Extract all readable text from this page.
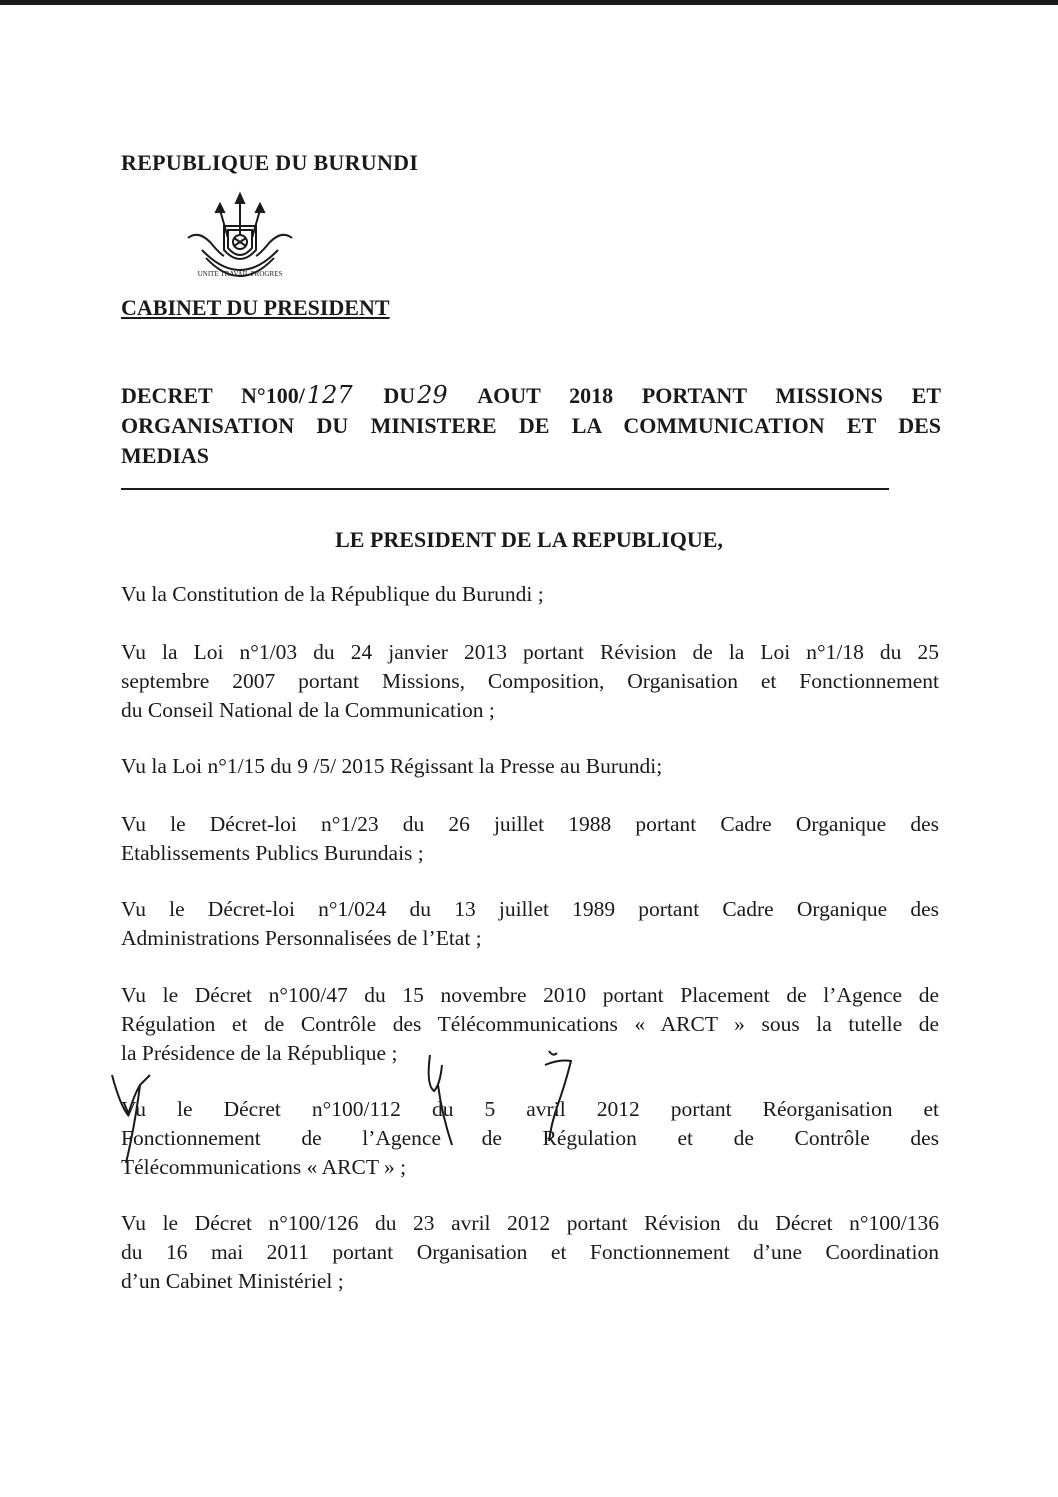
REPUBLIQUE DU BURUNDI
UNITE TRAVAIL PROGRES
CABINET DU PRESIDENT
DECRET N°100/127 DU29 AOUT 2018 PORTANT MISSIONS ET
ORGANISATION DU MINISTERE DE LA COMMUNICATION ET DES
MEDIAS
LE PRESIDENT DE LA REPUBLIQUE,
Vu la Constitution de la République du Burundi ;
Vu la Loi n°1/03 du 24 janvier 2013 portant Révision de la Loi n°1/18 du 25
septembre 2007 portant Missions, Composition, Organisation et Fonctionnement
du Conseil National de la Communication ;
Vu la Loi n°1/15 du 9 /5/ 2015 Régissant la Presse au Burundi;
Vu le Décret-loi n°1/23 du 26 juillet 1988 portant Cadre Organique des
Etablissements Publics Burundais ;
Vu le Décret-loi n°1/024 du 13 juillet 1989 portant Cadre Organique des
Administrations Personnalisées de l’Etat ;
Vu le Décret n°100/47 du 15 novembre 2010 portant Placement de l’Agence de
Régulation et de Contrôle des Télécommunications « ARCT » sous la tutelle de
la Présidence de la République ;
Vu le Décret n°100/112 du 5 avril 2012 portant Réorganisation et
Fonctionnement de l’Agence de Régulation et de Contrôle des
Télécommunications « ARCT » ;
Vu le Décret n°100/126 du 23 avril 2012 portant Révision du Décret n°100/136
du 16 mai 2011 portant Organisation et Fonctionnement d’une Coordination
d’un Cabinet Ministériel ;
